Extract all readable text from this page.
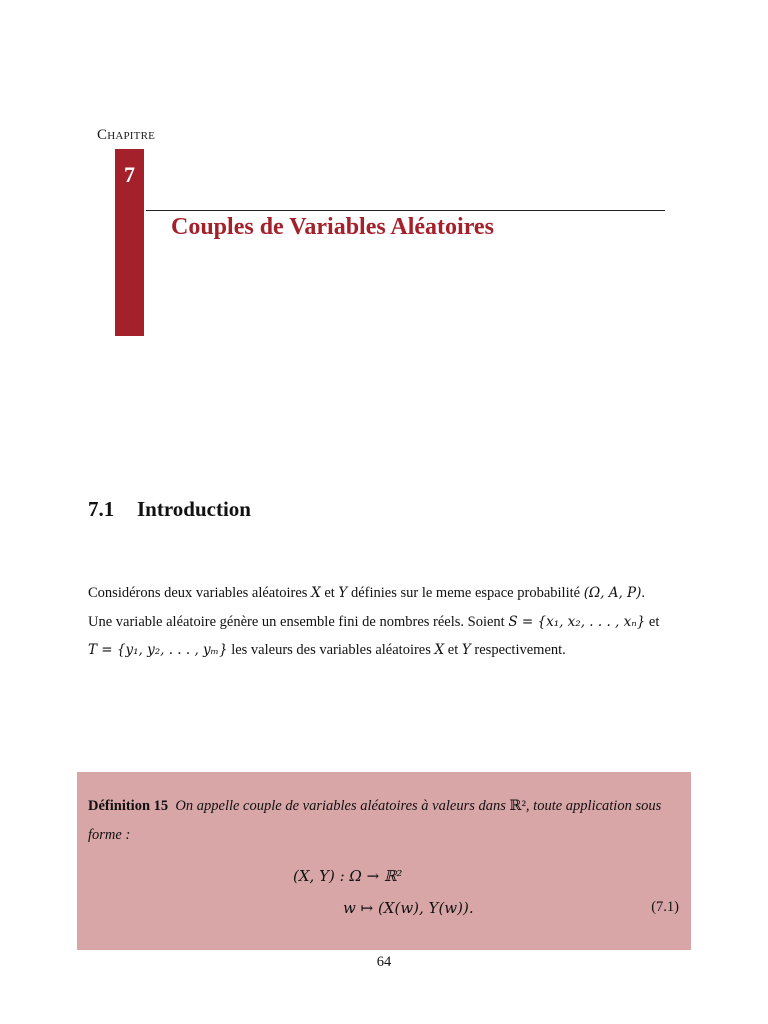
Chapitre
7
Couples de Variables Aléatoires
7.1 Introduction
Considérons deux variables aléatoires X et Y définies sur le meme espace probabilité (Ω, A, P).
Une variable aléatoire génère un ensemble fini de nombres réels. Soient S = {x₁, x₂, . . . , xₙ} et
T = {y₁, y₂, . . . , yₘ} les valeurs des variables aléatoires X et Y respectivement.
Définition 15 On appelle couple de variables aléatoires à valeurs dans ℝ², toute application sous
forme :
(X, Y) : Ω → ℝ²
w ↦ (X(w), Y(w)).	(7.1)
64
